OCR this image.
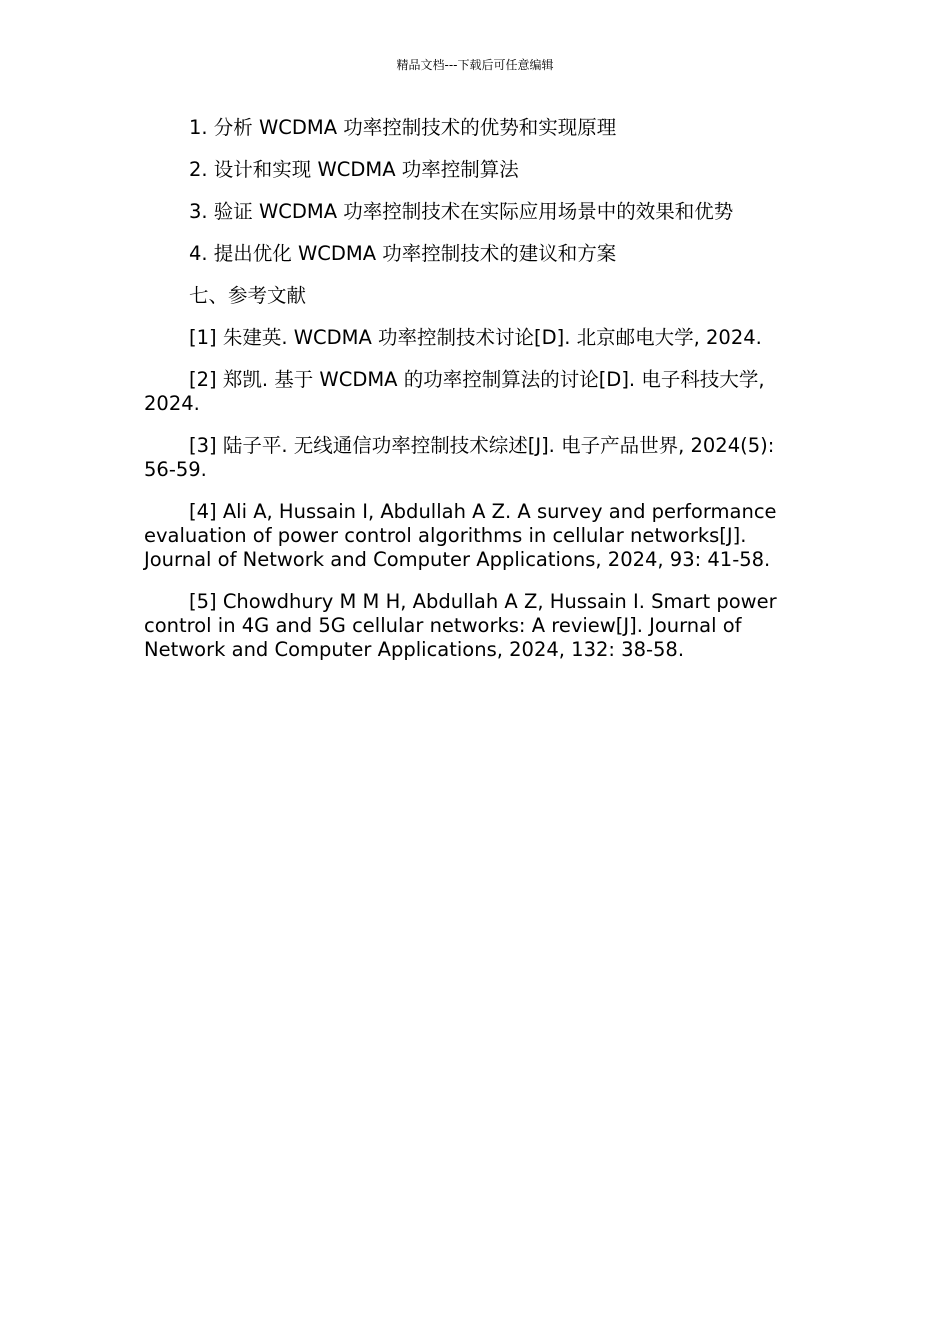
精品文档---下载后可任意编辑

1. 分析 WCDMA 功率控制技术的优势和实现原理

2. 设计和实现 WCDMA 功率控制算法

3. 验证 WCDMA 功率控制技术在实际应用场景中的效果和优势

4. 提出优化 WCDMA 功率控制技术的建议和方案

七、参考文献

[1] 朱建英. WCDMA 功率控制技术讨论[D]. 北京邮电大学, 2024.

[2] 郑凯. 基于 WCDMA 的功率控制算法的讨论[D]. 电子科技大学, 2024.

[3] 陆子平. 无线通信功率控制技术综述[J]. 电子产品世界, 2024(5): 56-59.

[4] Ali A, Hussain I, Abdullah A Z. A survey and performance evaluation of power control algorithms in cellular networks[J]. Journal of Network and Computer Applications, 2024, 93: 41-58.

[5] Chowdhury M M H, Abdullah A Z, Hussain I. Smart power control in 4G and 5G cellular networks: A review[J]. Journal of Network and Computer Applications, 2024, 132: 38-58.
